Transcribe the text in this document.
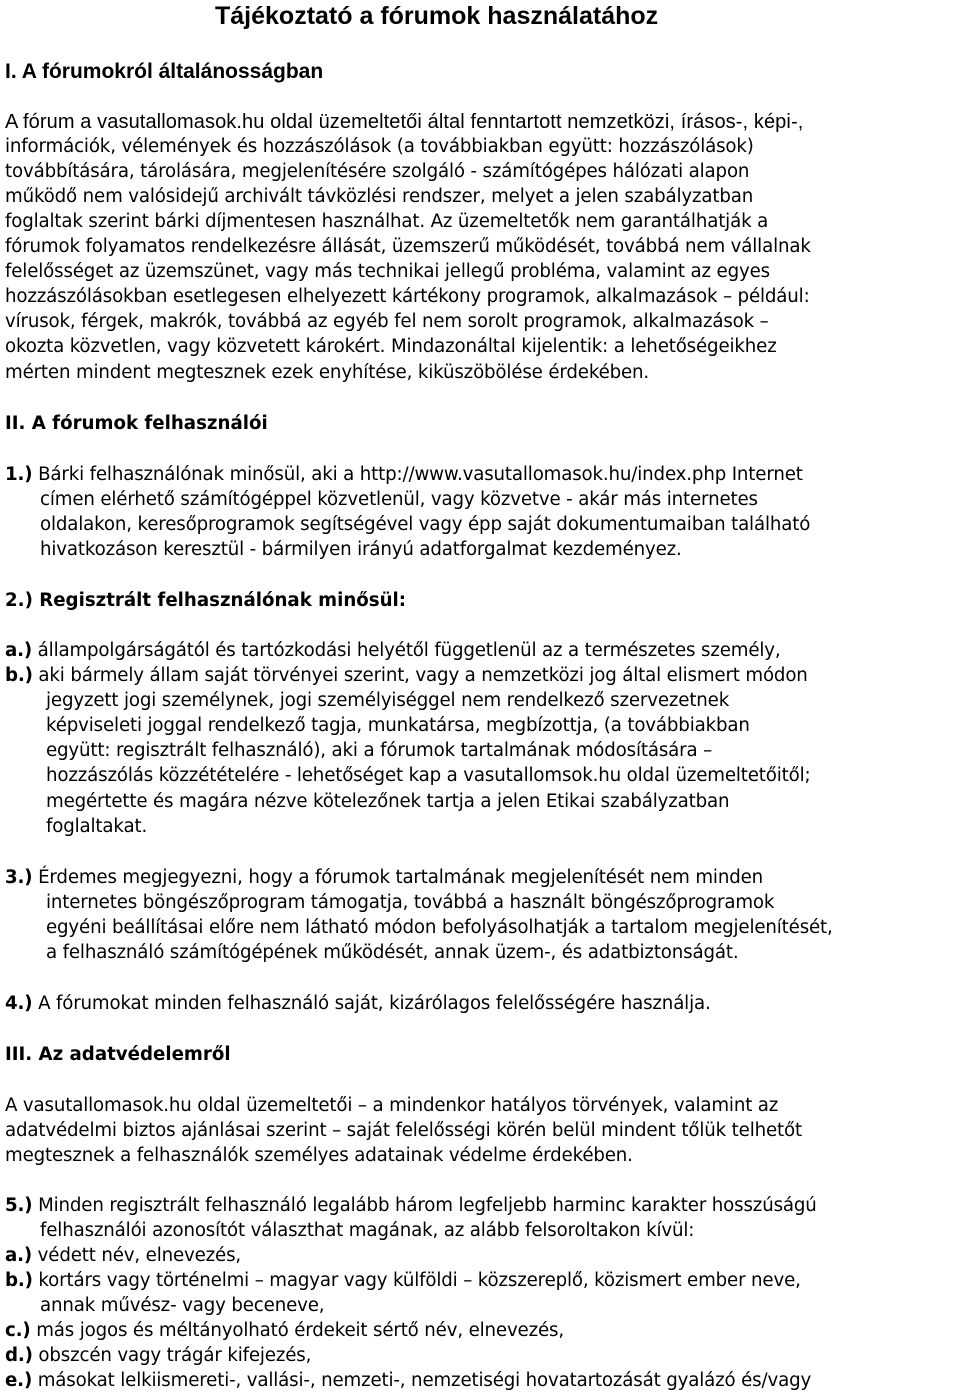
Tájékoztató a fórumok használatához
I. A fórumokról általánosságban
A fórum a vasutallomasok.hu oldal üzemeltetői által fenntartott nemzetközi, írásos-, képi-,
információk, vélemények és hozzászólások (a továbbiakban együtt: hozzászólások)
továbbítására, tárolására, megjelenítésére szolgáló - számítógépes hálózati alapon
működő nem valósidejű archivált távközlési rendszer, melyet a jelen szabályzatban
foglaltak szerint bárki díjmentesen használhat. Az üzemeltetők nem garantálhatják a
fórumok folyamatos rendelkezésre állását, üzemszerű működését, továbbá nem vállalnak
felelősséget az üzemszünet, vagy más technikai jellegű probléma, valamint az egyes
hozzászólásokban esetlegesen elhelyezett kártékony programok, alkalmazások – például:
vírusok, férgek, makrók, továbbá az egyéb fel nem sorolt programok, alkalmazások –
okozta közvetlen, vagy közvetett károkért. Mindazonáltal kijelentik: a lehetőségeikhez
mérten mindent megtesznek ezek enyhítése, kiküszöbölése érdekében.
II. A fórumok felhasználói
1.) Bárki felhasználónak minősül, aki a http://www.vasutallomasok.hu/index.php Internet
címen elérhető számítógéppel közvetlenül, vagy közvetve - akár más internetes
oldalakon, keresőprogramok segítségével vagy épp saját dokumentumaiban található
hivatkozáson keresztül - bármilyen irányú adatforgalmat kezdeményez.
2.) Regisztrált felhasználónak minősül:
a.) állampolgárságától és tartózkodási helyétől függetlenül az a természetes személy,
b.) aki bármely állam saját törvényei szerint, vagy a nemzetközi jog által elismert módon
jegyzett jogi személynek, jogi személyiséggel nem rendelkező szervezetnek
képviseleti joggal rendelkező tagja, munkatársa, megbízottja, (a továbbiakban
együtt: regisztrált felhasználó), aki a fórumok tartalmának módosítására –
hozzászólás közzétételére - lehetőséget kap a vasutallomsok.hu oldal üzemeltetőitől;
megértette és magára nézve kötelezőnek tartja a jelen Etikai szabályzatban
foglaltakat.
3.) Érdemes megjegyezni, hogy a fórumok tartalmának megjelenítését nem minden
internetes böngészőprogram támogatja, továbbá a használt böngészőprogramok
egyéni beállításai előre nem látható módon befolyásolhatják a tartalom megjelenítését,
a felhasználó számítógépének működését, annak üzem-, és adatbiztonságát.
4.) A fórumokat minden felhasználó saját, kizárólagos felelősségére használja.
III. Az adatvédelemről
A vasutallomasok.hu oldal üzemeltetői – a mindenkor hatályos törvények, valamint az
adatvédelmi biztos ajánlásai szerint – saját felelősségi körén belül mindent tőlük telhetőt
megtesznek a felhasználók személyes adatainak védelme érdekében.
5.) Minden regisztrált felhasználó legalább három legfeljebb harminc karakter hosszúságú
felhasználói azonosítót választhat magának, az alább felsoroltakon kívül:
a.) védett név, elnevezés,
b.) kortárs vagy történelmi – magyar vagy külföldi – közszereplő, közismert ember neve,
annak művész- vagy beceneve,
c.) más jogos és méltányolható érdekeit sértő név, elnevezés,
d.) obszcén vagy trágár kifejezés,
e.) másokat lelkiismereti-, vallási-, nemzeti-, nemzetiségi hovatartozását gyalázó és/vagy
